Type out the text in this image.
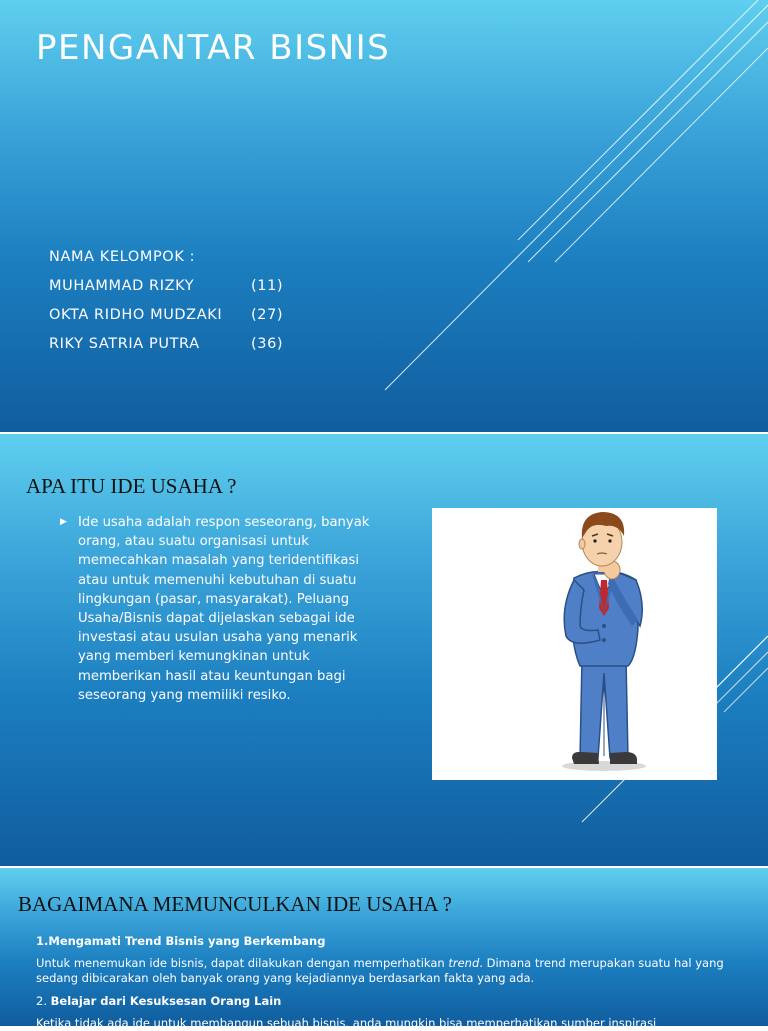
PENGANTAR BISNIS
NAMA KELOMPOK :
MUHAMMAD RIZKY	(11)
OKTA RIDHO MUDZAKI (27)
RIKY SATRIA PUTRA	(36)
APA ITU IDE USAHA ?
▶ Ide usaha adalah respon seseorang, banyak orang, atau suatu organisasi untuk memecahkan masalah yang teridentifikasi atau untuk memenuhi kebutuhan di suatu lingkungan (pasar, masyarakat). Peluang Usaha/Bisnis dapat dijelaskan sebagai ide investasi atau usulan usaha yang menarik yang memberi kemungkinan untuk memberikan hasil atau keuntungan bagi seseorang yang memiliki resiko.
BAGAIMANA MEMUNCULKAN IDE USAHA ?
1.Mengamati Trend Bisnis yang Berkembang
Untuk menemukan ide bisnis, dapat dilakukan dengan memperhatikan trend. Dimana trend merupakan suatu hal yang sedang dibicarakan oleh banyak orang yang kejadiannya berdasarkan fakta yang ada.
2. Belajar dari Kesuksesan Orang Lain
Ketika tidak ada ide untuk membangun sebuah bisnis, anda mungkin bisa memperhatikan sumber inspirasi
